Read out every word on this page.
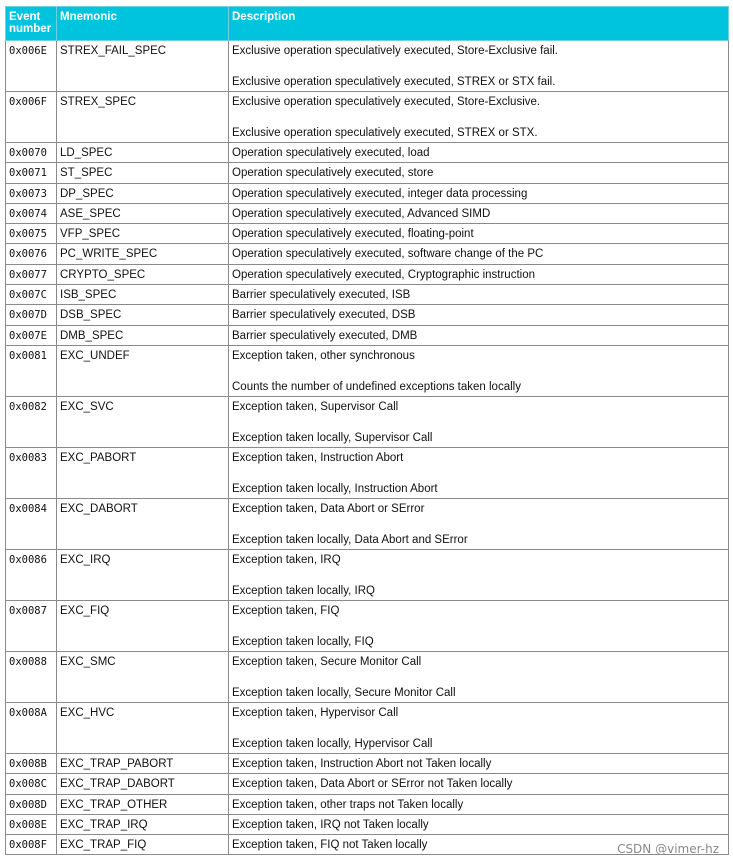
Event number	Mnemonic	Description
0x006E	STREX_FAIL_SPEC	Exclusive operation speculatively executed, Store-Exclusive fail.
Exclusive operation speculatively executed, STREX or STX fail.

0x006F	STREX_SPEC	Exclusive operation speculatively executed, Store-Exclusive.
Exclusive operation speculatively executed, STREX or STX.

0x0070	LD_SPEC	Operation speculatively executed, load
0x0071	ST_SPEC	Operation speculatively executed, store
0x0073	DP_SPEC	Operation speculatively executed, integer data processing
0x0074	ASE_SPEC	Operation speculatively executed, Advanced SIMD
0x0075	VFP_SPEC	Operation speculatively executed, floating-point
0x0076	PC_WRITE_SPEC	Operation speculatively executed, software change of the PC
0x0077	CRYPTO_SPEC	Operation speculatively executed, Cryptographic instruction
0x007C	ISB_SPEC	Barrier speculatively executed, ISB
0x007D	DSB_SPEC	Barrier speculatively executed, DSB
0x007E	DMB_SPEC	Barrier speculatively executed, DMB
0x0081	EXC_UNDEF	Exception taken, other synchronous
Counts the number of undefined exceptions taken locally

0x0082	EXC_SVC	Exception taken, Supervisor Call
Exception taken locally, Supervisor Call

0x0083	EXC_PABORT	Exception taken, Instruction Abort
Exception taken locally, Instruction Abort

0x0084	EXC_DABORT	Exception taken, Data Abort or SError
Exception taken locally, Data Abort and SError

0x0086	EXC_IRQ	Exception taken, IRQ
Exception taken locally, IRQ

0x0087	EXC_FIQ	Exception taken, FIQ
Exception taken locally, FIQ

0x0088	EXC_SMC	Exception taken, Secure Monitor Call
Exception taken locally, Secure Monitor Call

0x008A	EXC_HVC	Exception taken, Hypervisor Call
Exception taken locally, Hypervisor Call

0x008B	EXC_TRAP_PABORT	Exception taken, Instruction Abort not Taken locally
0x008C	EXC_TRAP_DABORT	Exception taken, Data Abort or SError not Taken locally
0x008D	EXC_TRAP_OTHER	Exception taken, other traps not Taken locally
0x008E	EXC_TRAP_IRQ	Exception taken, IRQ not Taken locally
0x008F	EXC_TRAP_FIQ	Exception taken, FIQ not Taken locally	CSDN @vimer-hz
